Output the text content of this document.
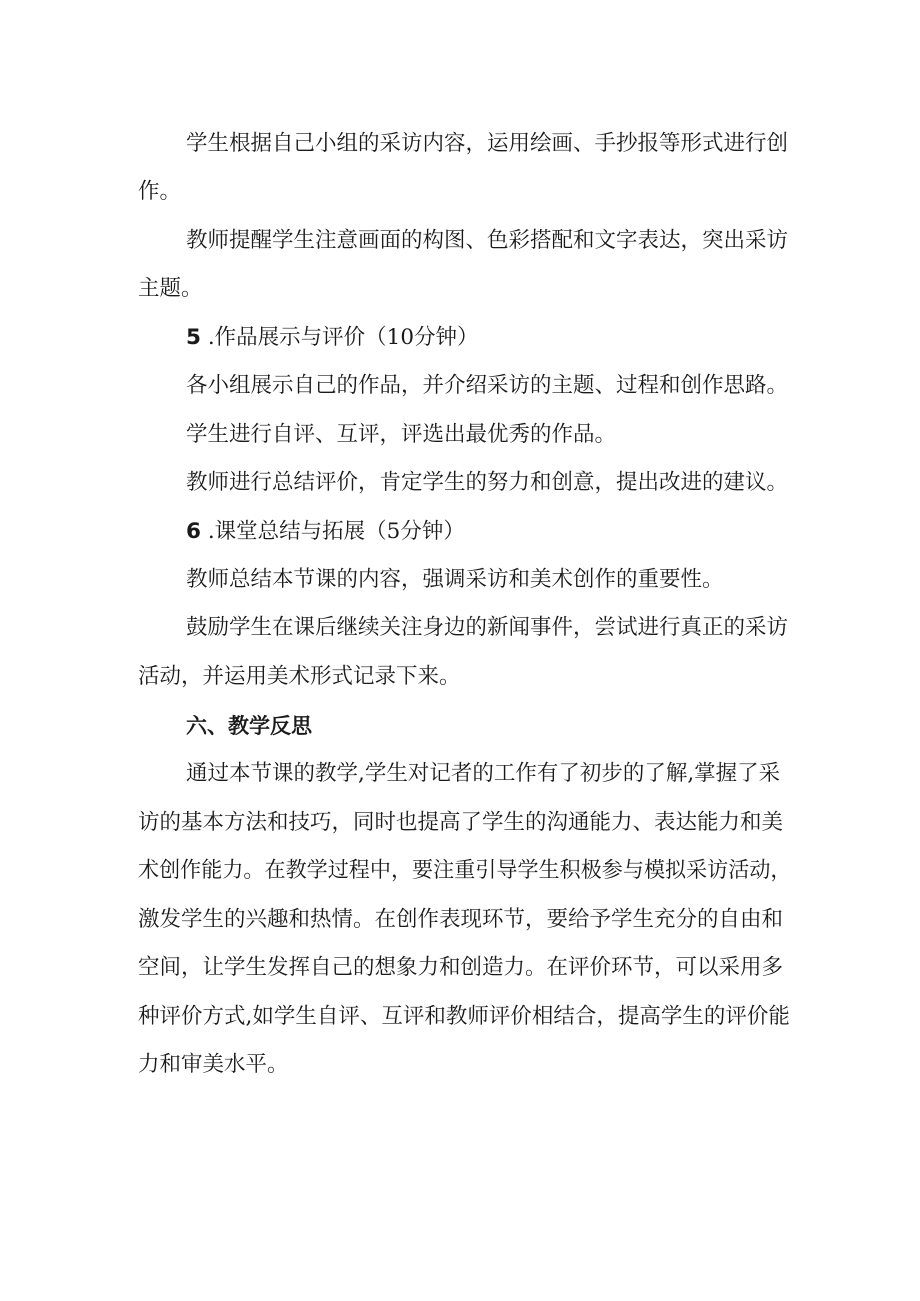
学生根据自己小组的采访内容，运用绘画、手抄报等形式进行创
作。
教师提醒学生注意画面的构图、色彩搭配和文字表达，突出采访
主题。
5 .作品展示与评价（10分钟）
各小组展示自己的作品，并介绍采访的主题、过程和创作思路。
学生进行自评、互评，评选出最优秀的作品。
教师进行总结评价，肯定学生的努力和创意，提出改进的建议。
6 .课堂总结与拓展（5分钟）
教师总结本节课的内容，强调采访和美术创作的重要性。
鼓励学生在课后继续关注身边的新闻事件，尝试进行真正的采访
活动，并运用美术形式记录下来。
六、教学反思
通过本节课的教学,学生对记者的工作有了初步的了解,掌握了采
访的基本方法和技巧，同时也提高了学生的沟通能力、表达能力和美
术创作能力。在教学过程中，要注重引导学生积极参与模拟采访活动，
激发学生的兴趣和热情。在创作表现环节，要给予学生充分的自由和
空间，让学生发挥自己的想象力和创造力。在评价环节，可以采用多
种评价方式,如学生自评、互评和教师评价相结合，提高学生的评价能
力和审美水平。
